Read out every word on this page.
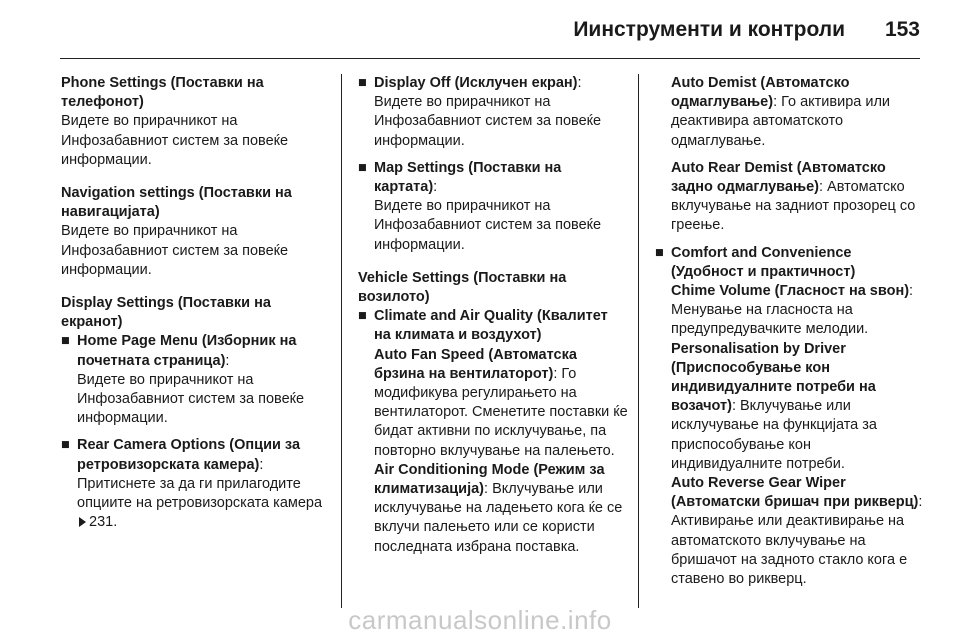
Иинструменти и контроли 153
Phone Settings (Поставки на телефонот)
Видете во прирачникот на Инфозабавниот систем за повеќе информации.
Navigation settings (Поставки на навигацијата)
Видете во прирачникот на Инфозабавниот систем за повеќе информации.
Display Settings (Поставки на екранот)
■ Home Page Menu (Изборник на почетната страница):

Видете во прирачникот на Инфозабавниот систем за повеќе информации.

■ Rear Camera Options (Опции за ретровизорската камера):

Притиснете за да ги прилагодите опциите на ретровизорската камера 231.

■ Display Off (Исклучен екран):

Видете во прирачникот на Инфозабавниот систем за повеќе информации.

■ Map Settings (Поставки на картата):

Видете во прирачникот на Инфозабавниот систем за повеќе информации.

Vehicle Settings (Поставки на возилото)
■ Climate and Air Quality (Квалитет на климата и воздухот)

Auto Fan Speed (Автоматска брзина на вентилаторот): Го модификува регулирањето на вентилаторот. Сменетите поставки ќе бидат активни по исклучување, па повторно вклучување на палењето.

Air Conditioning Mode (Режим за климатизација): Вклучување или исклучување на ладењето кога ќе се вклучи палењето или се користи последната избрана поставка.

Auto Demist (Автоматско одмаглување): Го активира или деактивира автоматското одмаглување.

Auto Rear Demist (Автоматско задно одмаглување): Автоматско вклучување на задниот прозорец со греење.

■ Comfort and Convenience (Удобност и практичност)

Chime Volume (Гласност на ѕвон): Менување на гласноста на предупредувачките мелодии.

Personalisation by Driver (Приспособување кон индивидуалните потреби на возачот): Вклучување или исклучување на функцијата за приспособување кон индивидуалните потреби.

Auto Reverse Gear Wiper (Автоматски бришач при рикверц): Активирање или деактивирање на автоматското вклучување на бришачот на задното стакло кога е ставено во рикверц.

carmanualsonline.info
